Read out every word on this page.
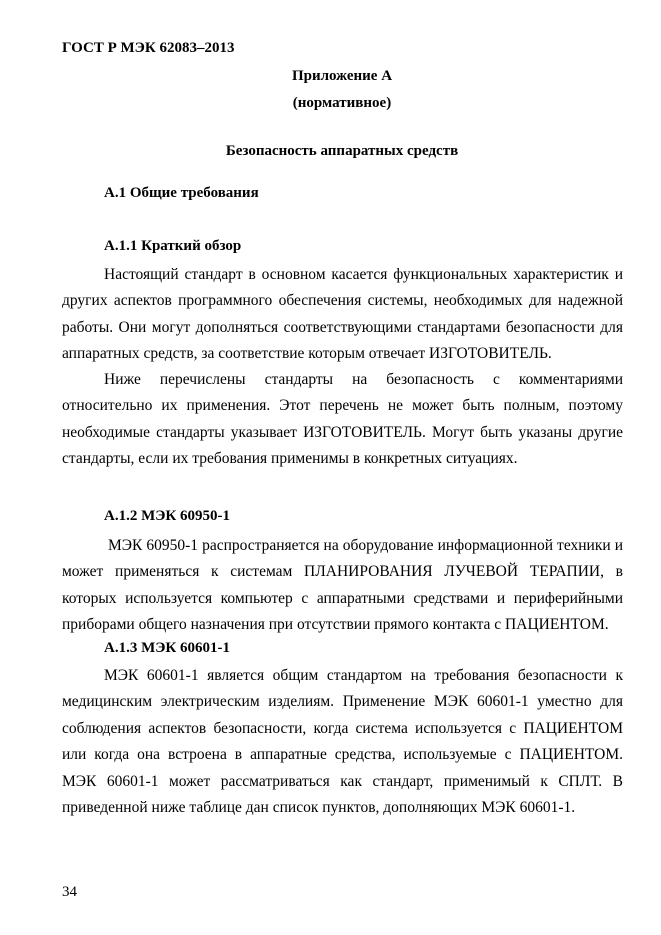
ГОСТ Р МЭК 62083–2013
Приложение А
(нормативное)
Безопасность аппаратных средств
А.1 Общие требования
А.1.1 Краткий обзор

Настоящий стандарт в основном касается функциональных характеристик и других аспектов программного обеспечения системы, необходимых для надежной работы. Они могут дополняться соответствующими стандартами безопасности для аппаратных средств, за соответствие которым отвечает ИЗГОТОВИТЕЛЬ.

Ниже перечислены стандарты на безопасность с комментариями относительно их применения. Этот перечень не может быть полным, поэтому необходимые стандарты указывает ИЗГОТОВИТЕЛЬ. Могут быть указаны другие стандарты, если их требования применимы в конкретных ситуациях.

А.1.2 МЭК 60950-1

МЭК 60950-1 распространяется на оборудование информационной техники и может применяться к системам ПЛАНИРОВАНИЯ ЛУЧЕВОЙ ТЕРАПИИ, в которых используется компьютер с аппаратными средствами и периферийными приборами общего назначения при отсутствии прямого контакта с ПАЦИЕНТОМ.

А.1.3 МЭК 60601-1

МЭК 60601-1 является общим стандартом на требования безопасности к медицинским электрическим изделиям. Применение МЭК 60601-1 уместно для соблюдения аспектов безопасности, когда система используется с ПАЦИЕНТОМ или когда она встроена в аппаратные средства, используемые с ПАЦИЕНТОМ. МЭК 60601-1 может рассматриваться как стандарт, применимый к СПЛТ. В приведенной ниже таблице дан список пунктов, дополняющих МЭК 60601-1.

34
